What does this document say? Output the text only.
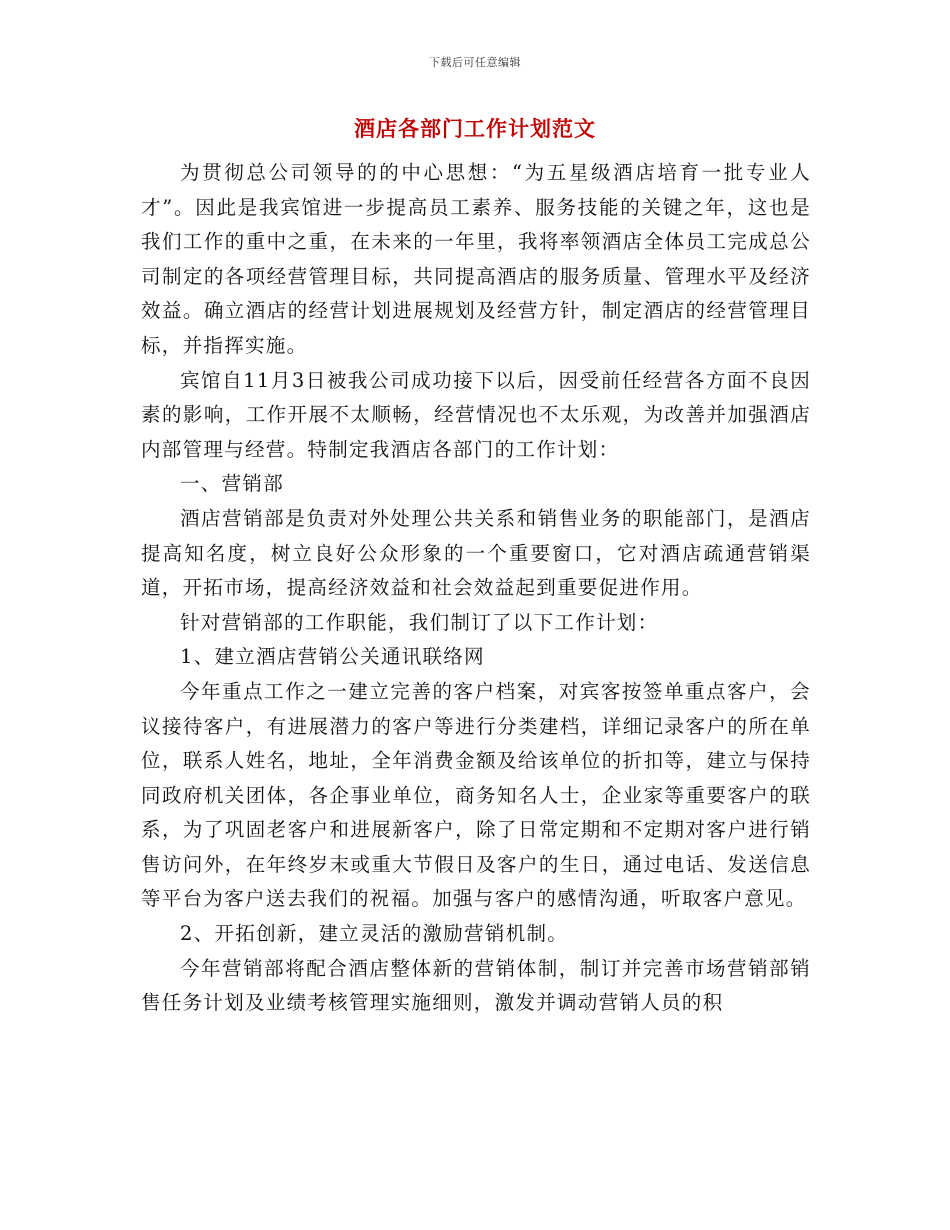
下载后可任意编辑
酒店各部门工作计划范文

为贯彻总公司领导的的中心思想：“为五星级酒店培育一批专业人才”。因此是我宾馆进一步提高员工素养、服务技能的关键之年，这也是我们工作的重中之重，在未来的一年里，我将率领酒店全体员工完成总公司制定的各项经营管理目标，共同提高酒店的服务质量、管理水平及经济效益。确立酒店的经营计划进展规划及经营方针，制定酒店的经营管理目标，并指挥实施。

宾馆自11月3日被我公司成功接下以后，因受前任经营各方面不良因素的影响，工作开展不太顺畅，经营情况也不太乐观，为改善并加强酒店内部管理与经营。特制定我酒店各部门的工作计划：

一、营销部

酒店营销部是负责对外处理公共关系和销售业务的职能部门，是酒店提高知名度，树立良好公众形象的一个重要窗口，它对酒店疏通营销渠道，开拓市场，提高经济效益和社会效益起到重要促进作用。

针对营销部的工作职能，我们制订了以下工作计划：

1、建立酒店营销公关通讯联络网

今年重点工作之一建立完善的客户档案，对宾客按签单重点客户，会议接待客户，有进展潜力的客户等进行分类建档，详细记录客户的所在单位，联系人姓名，地址，全年消费金额及给该单位的折扣等，建立与保持同政府机关团体，各企事业单位，商务知名人士，企业家等重要客户的联系，为了巩固老客户和进展新客户，除了日常定期和不定期对客户进行销售访问外，在年终岁末或重大节假日及客户的生日，通过电话、发送信息等平台为客户送去我们的祝福。加强与客户的感情沟通，听取客户意见。

2、开拓创新，建立灵活的激励营销机制。

今年营销部将配合酒店整体新的营销体制，制订并完善市场营销部销售任务计划及业绩考核管理实施细则，激发并调动营销人员的积
